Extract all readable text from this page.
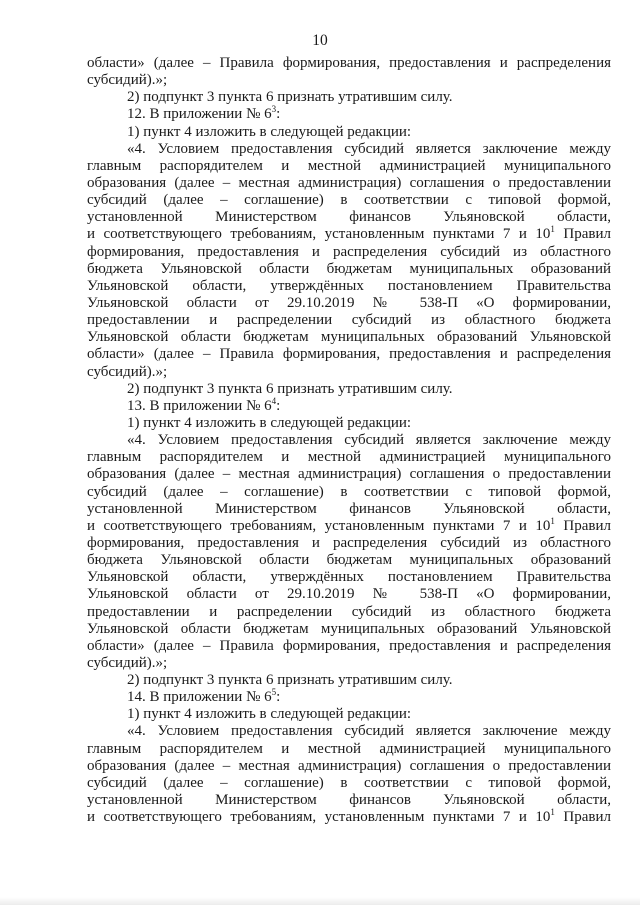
10
области» (далее – Правила формирования, предоставления и распределения
субсидий).»;
2) подпункт 3 пункта 6 признать утратившим силу.
12. В приложении № $6^3$:
1) пункт 4 изложить в следующей редакции:
«4. Условием предоставления субсидий является заключение между
главным распорядителем и местной администрацией муниципального
образования (далее – местная администрация) соглашения о предоставлении
субсидий (далее – соглашение) в соответствии с типовой формой,
установленной Министерством финансов Ульяновской области,
и соответствующего требованиям, установленным пунктами 7 и $10^1$ Правил
формирования, предоставления и распределения субсидий из областного
бюджета Ульяновской области бюджетам муниципальных образований
Ульяновской области, утверждённых постановлением Правительства
Ульяновской области от 29.10.2019 № 538-П «О формировании,
предоставлении и распределении субсидий из областного бюджета
Ульяновской области бюджетам муниципальных образований Ульяновской
области» (далее – Правила формирования, предоставления и распределения
субсидий).»;
2) подпункт 3 пункта 6 признать утратившим силу.
13. В приложении № $6^4$:
1) пункт 4 изложить в следующей редакции:
«4. Условием предоставления субсидий является заключение между
главным распорядителем и местной администрацией муниципального
образования (далее – местная администрация) соглашения о предоставлении
субсидий (далее – соглашение) в соответствии с типовой формой,
установленной Министерством финансов Ульяновской области,
и соответствующего требованиям, установленным пунктами 7 и $10^1$ Правил
формирования, предоставления и распределения субсидий из областного
бюджета Ульяновской области бюджетам муниципальных образований
Ульяновской области, утверждённых постановлением Правительства
Ульяновской области от 29.10.2019 № 538-П «О формировании,
предоставлении и распределении субсидий из областного бюджета
Ульяновской области бюджетам муниципальных образований Ульяновской
области» (далее – Правила формирования, предоставления и распределения
субсидий).»;
2) подпункт 3 пункта 6 признать утратившим силу.
14. В приложении № $6^5$:
1) пункт 4 изложить в следующей редакции:
«4. Условием предоставления субсидий является заключение между
главным распорядителем и местной администрацией муниципального
образования (далее – местная администрация) соглашения о предоставлении
субсидий (далее – соглашение) в соответствии с типовой формой,
установленной Министерством финансов Ульяновской области,
и соответствующего требованиям, установленным пунктами 7 и $10^1$ Правил
